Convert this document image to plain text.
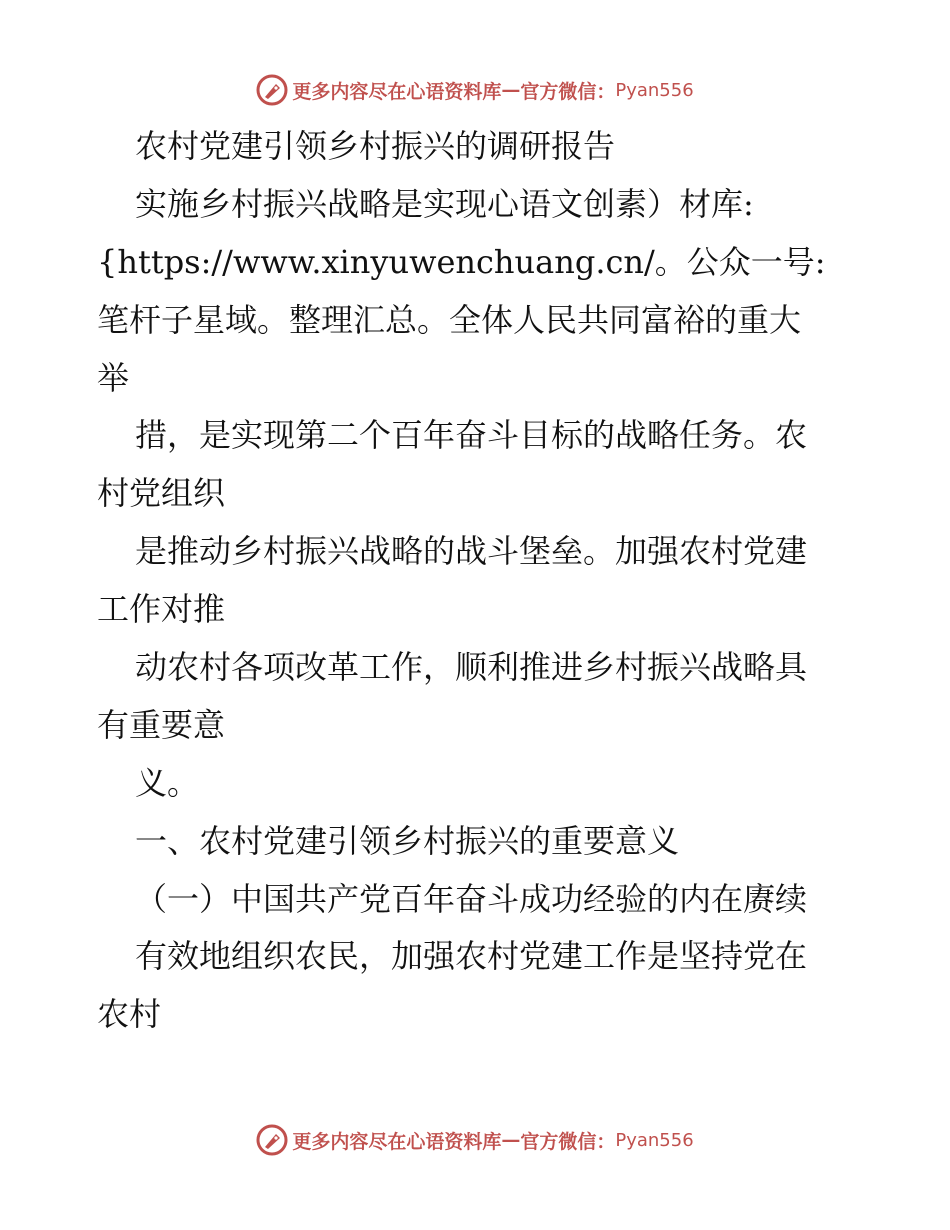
更多内容尽在心语资料库 — 官方微信： Pyan556
农村党建引领乡村振兴的调研报告
实施乡村振兴战略是实现心语文创素）材库:
{https://www.xinyuwenchuang.cn/。公众一号:
笔杆子星域。整理汇总。全体人民共同富裕的重大
举
措，是实现第二个百年奋斗目标的战略任务。农
村党组织
是推动乡村振兴战略的战斗堡垒。加强农村党建
工作对推
动农村各项改革工作，顺利推进乡村振兴战略具
有重要意
义。
一、农村党建引领乡村振兴的重要意义
（一）中国共产党百年奋斗成功经验的内在赓续
有效地组织农民，加强农村党建工作是坚持党在
农村
更多内容尽在心语资料库 — 官方微信： Pyan556
